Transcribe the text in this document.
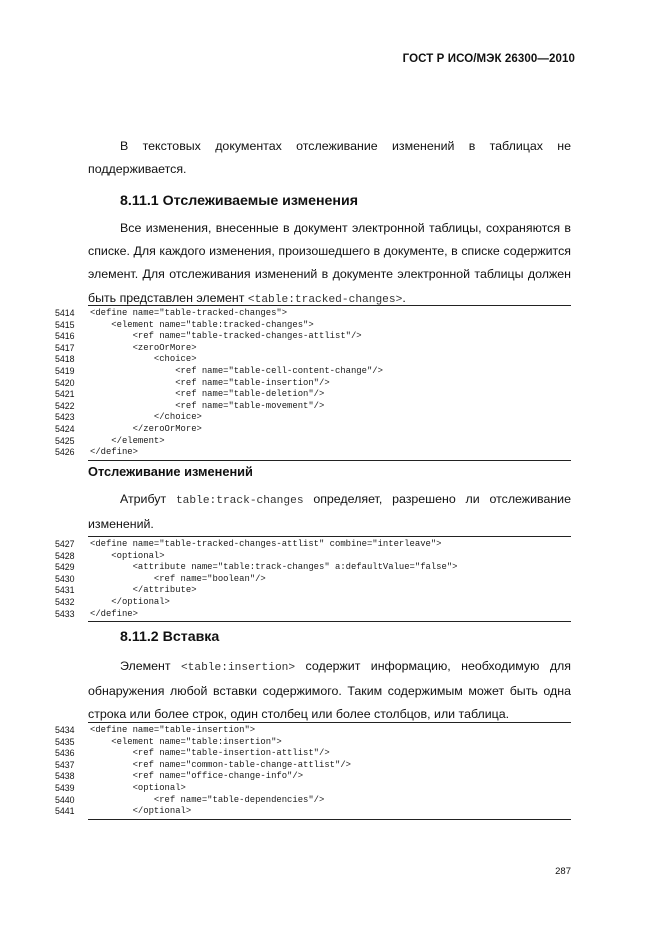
ГОСТ Р ИСО/МЭК 26300—2010
В текстовых документах отслеживание изменений в таблицах не поддерживается.
8.11.1 Отслеживаемые изменения
Все изменения, внесенные в документ электронной таблицы, сохраняются в списке. Для каждого изменения, произошедшего в документе, в списке содержится элемент. Для отслеживания изменений в документе электронной таблицы должен быть представлен элемент <table:tracked-changes>.
5414	<define name="table-tracked-changes">
5415	<element name="table:tracked-changes">
5416	<ref name="table-tracked-changes-attlist"/>
5417	<zeroOrMore>
5418	<choice>
5419	<ref name="table-cell-content-change"/>
5420	<ref name="table-insertion"/>
5421	<ref name="table-deletion"/>
5422	<ref name="table-movement"/>
5423	</choice>
5424	</zeroOrMore>
5425	</element>
5426	</define>
Отслеживание изменений
Атрибут table:track-changes определяет, разрешено ли отслеживание изменений.
5427	<define name="table-tracked-changes-attlist" combine="interleave">
5428	<optional>
5429	<attribute name="table:track-changes" a:defaultValue="false">
5430	<ref name="boolean"/>
5431	</attribute>
5432	</optional>
5433	</define>
8.11.2 Вставка
Элемент <table:insertion> содержит информацию, необходимую для обнаружения любой вставки содержимого. Таким содержимым может быть одна строка или более строк, один столбец или более столбцов, или таблица.
5434	<define name="table-insertion">
5435	<element name="table:insertion">
5436	<ref name="table-insertion-attlist"/>
5437	<ref name="common-table-change-attlist"/>
5438	<ref name="office-change-info"/>
5439	<optional>
5440	<ref name="table-dependencies"/>
5441	</optional>
287
